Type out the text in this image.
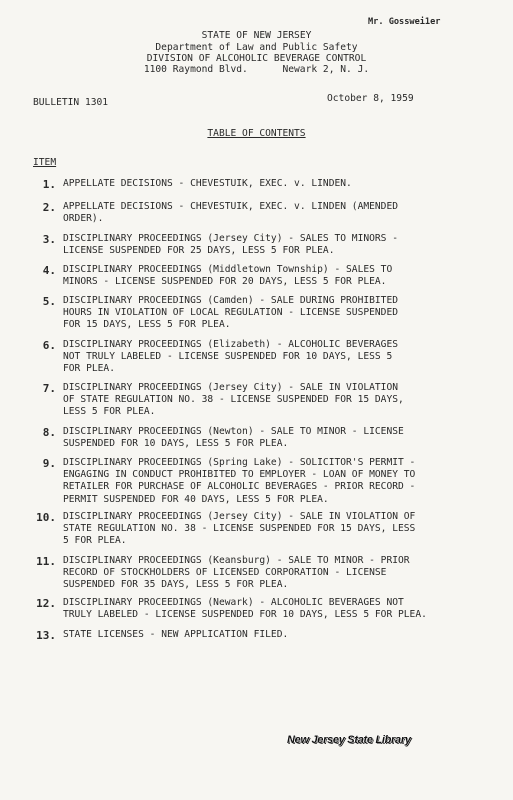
Mr. Gosswei1er
STATE OF NEW JERSEY
Department of Law and Public Safety
DIVISION OF ALCOHOLIC BEVERAGE CONTROL
1100 Raymond Blvd.      Newark 2, N. J.
BULLETIN 1301	October 8, 1959
TABLE OF CONTENTS
ITEM
1. APPELLATE DECISIONS - CHEVESTUIK, EXEC. v. LINDEN.
2. APPELLATE DECISIONS - CHEVESTUIK, EXEC. v. LINDEN (AMENDED
ORDER).
3. DISCIPLINARY PROCEEDINGS (Jersey City) - SALES TO MINORS -
LICENSE SUSPENDED FOR 25 DAYS, LESS 5 FOR PLEA.
4. DISCIPLINARY PROCEEDINGS (Middletown Township) - SALES TO
MINORS - LICENSE SUSPENDED FOR 20 DAYS, LESS 5 FOR PLEA.
5. DISCIPLINARY PROCEEDINGS (Camden) - SALE DURING PROHIBITED
HOURS IN VIOLATION OF LOCAL REGULATION - LICENSE SUSPENDED
FOR 15 DAYS, LESS 5 FOR PLEA.
6. DISCIPLINARY PROCEEDINGS (Elizabeth) - ALCOHOLIC BEVERAGES
NOT TRULY LABELED - LICENSE SUSPENDED FOR 10 DAYS, LESS 5
FOR PLEA.
7. DISCIPLINARY PROCEEDINGS (Jersey City) - SALE IN VIOLATION
OF STATE REGULATION NO. 38 - LICENSE SUSPENDED FOR 15 DAYS,
LESS 5 FOR PLEA.
8. DISCIPLINARY PROCEEDINGS (Newton) - SALE TO MINOR - LICENSE
SUSPENDED FOR 10 DAYS, LESS 5 FOR PLEA.
9. DISCIPLINARY PROCEEDINGS (Spring Lake) - SOLICITOR'S PERMIT -
ENGAGING IN CONDUCT PROHIBITED TO EMPLOYER - LOAN OF MONEY TO
RETAILER FOR PURCHASE OF ALCOHOLIC BEVERAGES - PRIOR RECORD -
PERMIT SUSPENDED FOR 40 DAYS, LESS 5 FOR PLEA.
10. DISCIPLINARY PROCEEDINGS (Jersey City) - SALE IN VIOLATION OF
STATE REGULATION NO. 38 - LICENSE SUSPENDED FOR 15 DAYS, LESS
5 FOR PLEA.
11. DISCIPLINARY PROCEEDINGS (Keansburg) - SALE TO MINOR - PRIOR
RECORD OF STOCKHOLDERS OF LICENSED CORPORATION - LICENSE
SUSPENDED FOR 35 DAYS, LESS 5 FOR PLEA.
12. DISCIPLINARY PROCEEDINGS (Newark) - ALCOHOLIC BEVERAGES NOT
TRULY LABELED - LICENSE SUSPENDED FOR 10 DAYS, LESS 5 FOR PLEA.
13. STATE LICENSES - NEW APPLICATION FILED.
New Jersey State Library
